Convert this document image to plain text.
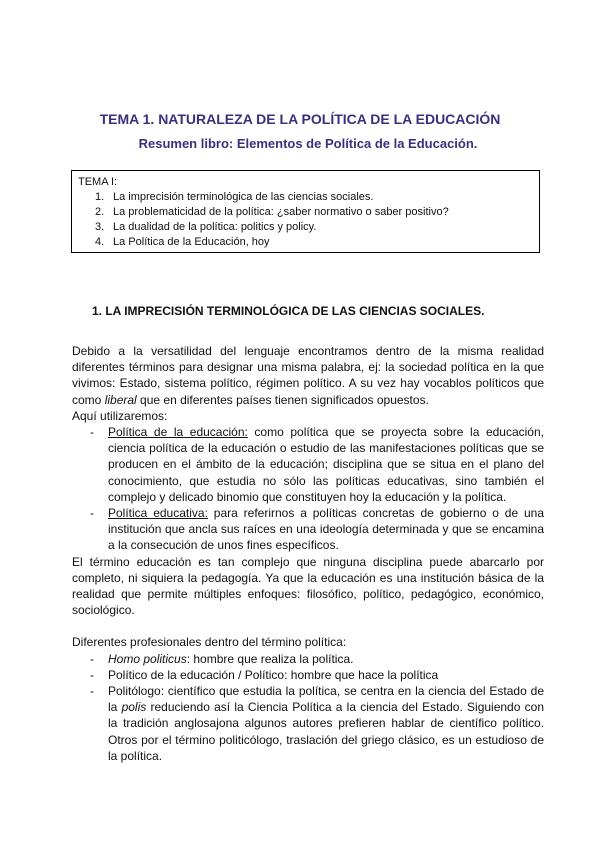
TEMA 1. NATURALEZA DE LA POLÍTICA DE LA EDUCACIÓN
Resumen libro: Elementos de Política de la Educación.
TEMA I:
1. La imprecisión terminológica de las ciencias sociales.
2. La problematicidad de la política: ¿saber normativo o saber positivo?
3. La dualidad de la política: politics y policy.
4. La Política de la Educación, hoy
1. LA IMPRECISIÓN TERMINOLÓGICA DE LAS CIENCIAS SOCIALES.

Debido a la versatilidad del lenguaje encontramos dentro de la misma realidad diferentes términos para designar una misma palabra, ej: la sociedad política en la que vivimos: Estado, sistema político, régimen político. A su vez hay vocablos políticos que como liberal que en diferentes países tienen significados opuestos.

Aquí utilizaremos:

- Política de la educación: como política que se proyecta sobre la educación, ciencia política de la educación o estudio de las manifestaciones políticas que se producen en el ámbito de la educación; disciplina que se situa en el plano del conocimiento, que estudia no sólo las políticas educativas, sino también el complejo y delicado binomio que constituyen hoy la educación y la política.
- Política educativa: para referirnos a políticas concretas de gobierno o de una institución que ancla sus raíces en una ideología determinada y que se encamina a la consecución de unos fines específicos.

El término educación es tan complejo que ninguna disciplina puede abarcarlo por completo, ni siquiera la pedagogía. Ya que la educación es una institución básica de la realidad que permite múltiples enfoques: filosófico, político, pedagógico, económico, sociológico.

Diferentes profesionales dentro del término política:

- Homo politicus: hombre que realiza la política.
- Político de la educación / Político: hombre que hace la política
- Politólogo: científico que estudia la política, se centra en la ciencia del Estado de la polis reduciendo así la Ciencia Política a la ciencia del Estado. Siguiendo con la tradición anglosajona algunos autores prefieren hablar de científico político. Otros por el término politicólogo, traslación del griego clásico, es un estudioso de la política.
